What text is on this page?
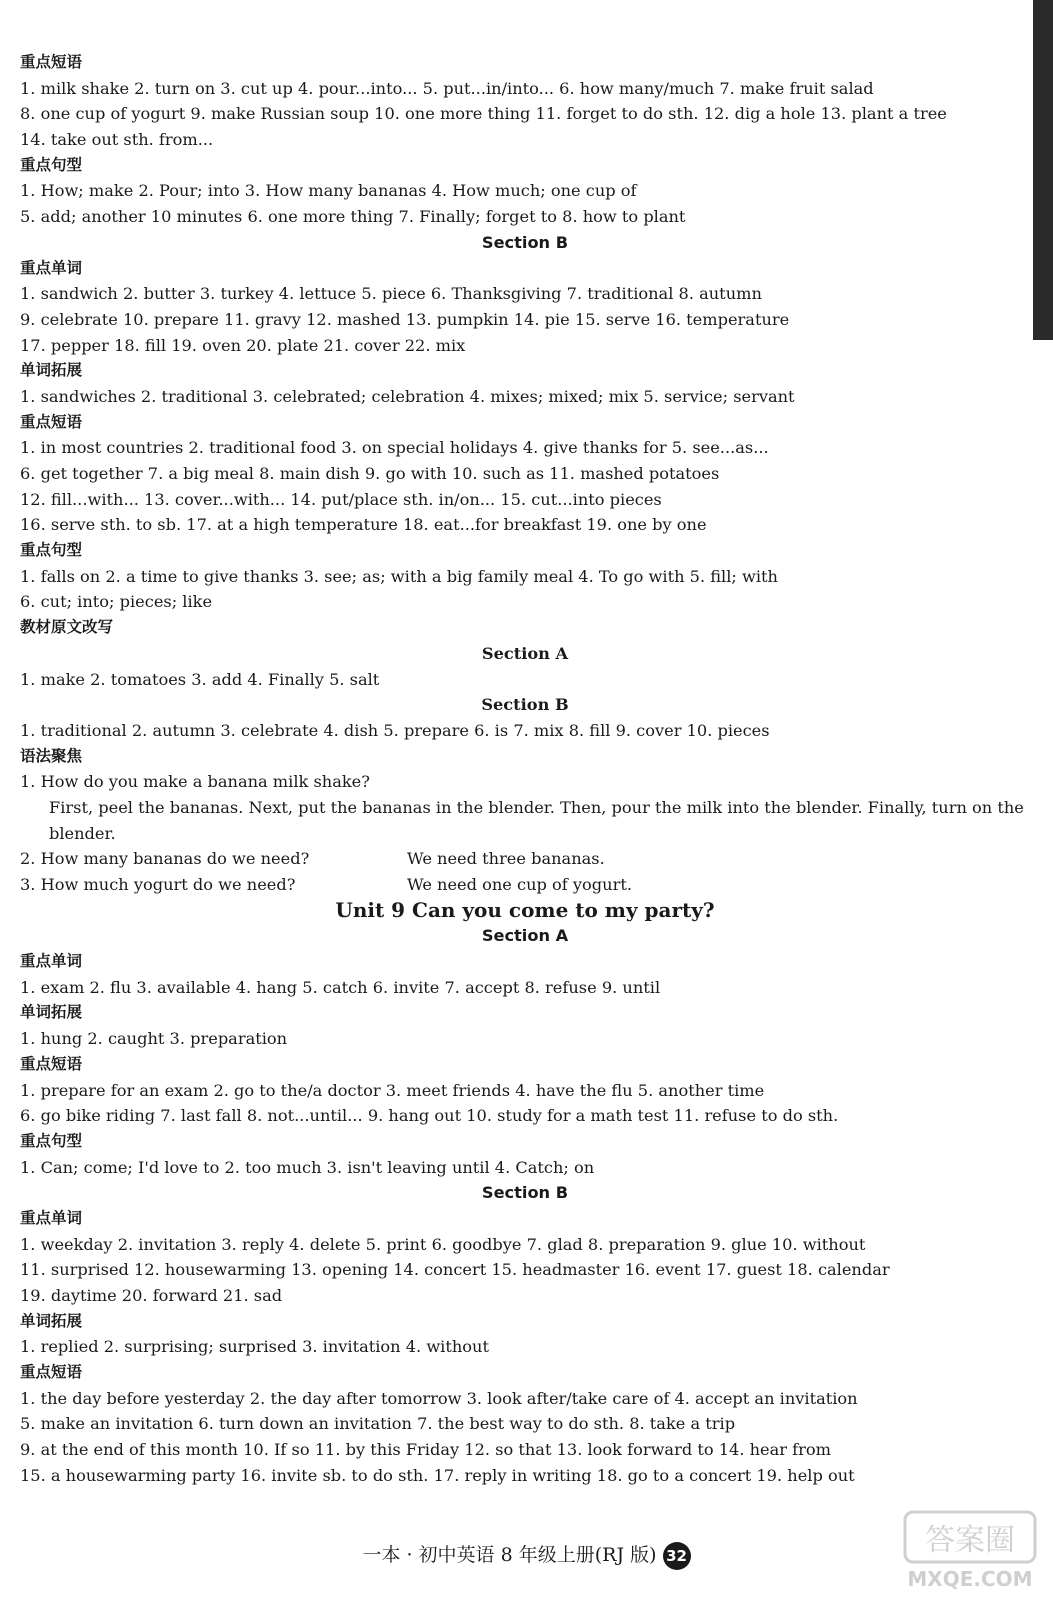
重点短语
1. milk shake 2. turn on 3. cut up 4. pour...into... 5. put...in/into... 6. how many/much 7. make fruit salad
8. one cup of yogurt 9. make Russian soup 10. one more thing 11. forget to do sth. 12. dig a hole 13. plant a tree
14. take out sth. from...
重点句型
1. How; make 2. Pour; into 3. How many bananas 4. How much; one cup of
5. add; another 10 minutes 6. one more thing 7. Finally; forget to 8. how to plant
Section B
重点单词
1. sandwich 2. butter 3. turkey 4. lettuce 5. piece 6. Thanksgiving 7. traditional 8. autumn
9. celebrate 10. prepare 11. gravy 12. mashed 13. pumpkin 14. pie 15. serve 16. temperature
17. pepper 18. fill 19. oven 20. plate 21. cover 22. mix
单词拓展
1. sandwiches 2. traditional 3. celebrated; celebration 4. mixes; mixed; mix 5. service; servant
重点短语
1. in most countries 2. traditional food 3. on special holidays 4. give thanks for 5. see...as...
6. get together 7. a big meal 8. main dish 9. go with 10. such as 11. mashed potatoes
12. fill...with... 13. cover...with... 14. put/place sth. in/on... 15. cut...into pieces
16. serve sth. to sb. 17. at a high temperature 18. eat...for breakfast 19. one by one
重点句型
1. falls on 2. a time to give thanks 3. see; as; with a big family meal 4. To go with 5. fill; with
6. cut; into; pieces; like
教材原文改写
Section A
1. make 2. tomatoes 3. add 4. Finally 5. salt
Section B
1. traditional 2. autumn 3. celebrate 4. dish 5. prepare 6. is 7. mix 8. fill 9. cover 10. pieces
语法聚焦
1. How do you make a banana milk shake?
First, peel the bananas. Next, put the bananas in the blender. Then, pour the milk into the blender. Finally, turn on the
blender.
2. How many bananas do we need?	We need three bananas.
3. How much yogurt do we need?	We need one cup of yogurt.
Unit 9 Can you come to my party?
Section A
重点单词
1. exam 2. flu 3. available 4. hang 5. catch 6. invite 7. accept 8. refuse 9. until
单词拓展
1. hung 2. caught 3. preparation
重点短语
1. prepare for an exam 2. go to the/a doctor 3. meet friends 4. have the flu 5. another time
6. go bike riding 7. last fall 8. not...until... 9. hang out 10. study for a math test 11. refuse to do sth.
重点句型
1. Can; come; I'd love to 2. too much 3. isn't leaving until 4. Catch; on
Section B
重点单词
1. weekday 2. invitation 3. reply 4. delete 5. print 6. goodbye 7. glad 8. preparation 9. glue 10. without
11. surprised 12. housewarming 13. opening 14. concert 15. headmaster 16. event 17. guest 18. calendar
19. daytime 20. forward 21. sad
单词拓展
1. replied 2. surprising; surprised 3. invitation 4. without
重点短语
1. the day before yesterday 2. the day after tomorrow 3. look after/take care of 4. accept an invitation
5. make an invitation 6. turn down an invitation 7. the best way to do sth. 8. take a trip
9. at the end of this month 10. If so 11. by this Friday 12. so that 13. look forward to 14. hear from
15. a housewarming party 16. invite sb. to do sth. 17. reply in writing 18. go to a concert 19. help out
一本 · 初中英语 8 年级上册(RJ 版) 32	答案圈
MXQE.COM
